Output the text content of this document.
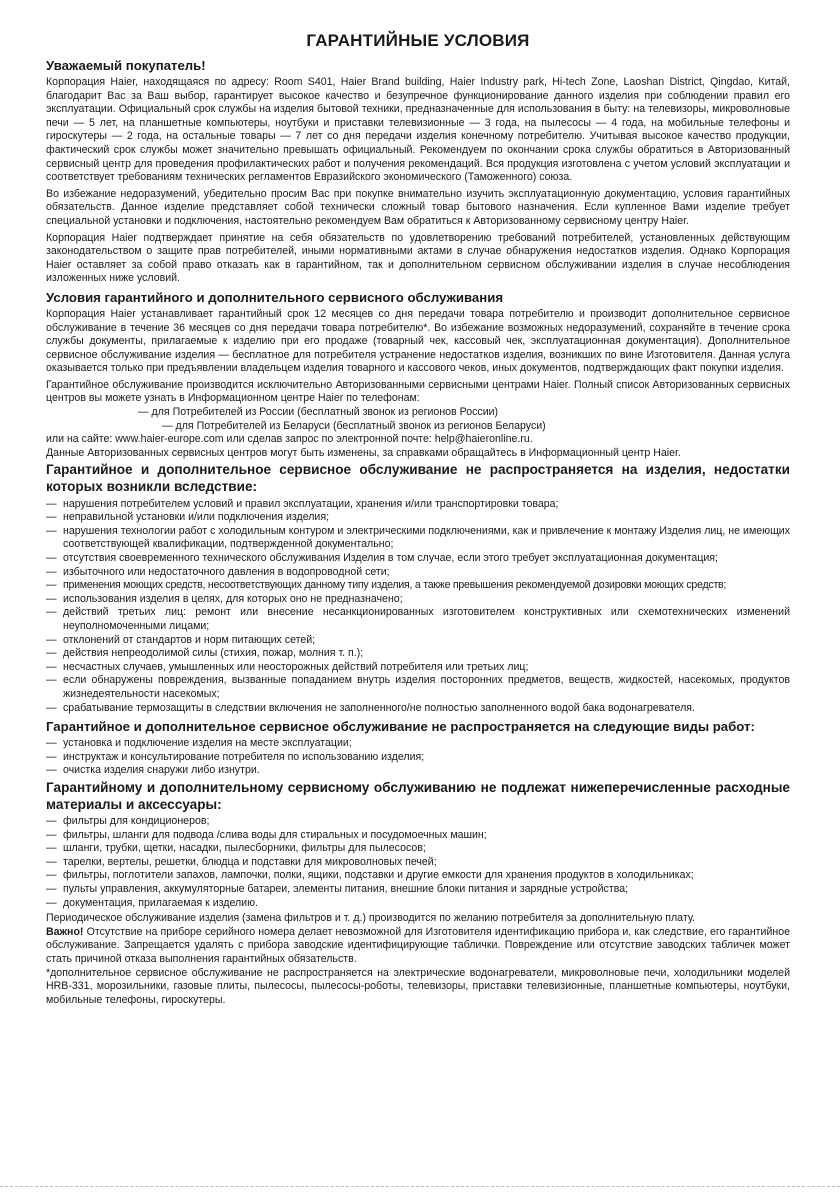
ГАРАНТИЙНЫЕ УСЛОВИЯ
Уважаемый покупатель!

Корпорация Haier, находящаяся по адресу: Room S401, Haier Brand building, Haier Industry park, Hi-tech Zone, Laoshan District, Qingdao, Китай, благодарит Вас за Ваш выбор, гарантирует высокое качество и безупречное функционирование данного изделия при соблюдении правил его эксплуатации. Официальный срок службы на изделия бытовой техники, предназначенные для использования в быту: на телевизоры, микроволновые печи — 5 лет, на планшетные компьютеры, ноутбуки и приставки телевизионные — 3 года, на пылесосы — 4 года, на мобильные телефоны и гироскутеры — 2 года, на остальные товары — 7 лет со дня передачи изделия конечному потребителю. Учитывая высокое качество продукции, фактический срок службы может значительно превышать официальный. Рекомендуем по окончании срока службы обратиться в Авторизованный сервисный центр для проведения профилактических работ и получения рекомендаций. Вся продукция изготовлена с учетом условий эксплуатации и соответствует требованиям технических регламентов Евразийского экономического (Таможенного) союза.

Во избежание недоразумений, убедительно просим Вас при покупке внимательно изучить эксплуатационную документацию, условия гарантийных обязательств. Данное изделие представляет собой технически сложный товар бытового назначения. Если купленное Вами изделие требует специальной установки и подключения, настоятельно рекомендуем Вам обратиться к Авторизованному сервисному центру Haier.

Корпорация Haier подтверждает принятие на себя обязательств по удовлетворению требований потребителей, установленных действующим законодательством о защите прав потребителей, иными нормативными актами в случае обнаружения недостатков изделия. Однако Корпорация Haier оставляет за собой право отказать как в гарантийном, так и дополнительном сервисном обслуживании изделия в случае несоблюдения изложенных ниже условий.

Условия гарантийного и дополнительного сервисного обслуживания

Корпорация Haier устанавливает гарантийный срок 12 месяцев со дня передачи товара потребителю и производит дополнительное сервисное обслуживание в течение 36 месяцев со дня передачи товара потребителю*. Во избежание возможных недоразумений, сохраняйте в течение срока службы документы, прилагаемые к изделию при его продаже (товарный чек, кассовый чек, эксплуатационная документация). Дополнительное сервисное обслуживание изделия — бесплатное для потребителя устранение недостатков изделия, возникших по вине Изготовителя. Данная услуга оказывается только при предъявлении владельцем изделия товарного и кассового чеков, иных документов, подтверждающих факт покупки изделия.

Гарантийное обслуживание производится исключительно Авторизованными сервисными центрами Haier. Полный список Авторизованных сервисных центров вы можете узнать в Информационном центре Haier по телефонам:

— для Потребителей из России (бесплатный звонок из регионов России)
— для Потребителей из Беларуси (бесплатный звонок из регионов Беларуси)

или на сайте: www.haier-europe.com или сделав запрос по электронной почте: help@haieronline.ru.

Данные Авторизованных сервисных центров могут быть изменены, за справками обращайтесь в Информационный центр Haier.

Гарантийное и дополнительное сервисное обслуживание не распространяется на изделия, недостатки которых возникли вследствие:
— нарушения потребителем условий и правил эксплуатации, хранения и/или транспортировки товара;
— неправильной установки и/или подключения изделия;
— нарушения технологии работ с холодильным контуром и электрическими подключениями, как и привлечение к монтажу Изделия лиц, не имеющих соответствующей квалификации, подтвержденной документально;
— отсутствия своевременного технического обслуживания Изделия в том случае, если этого требует эксплуатационная документация;
— избыточного или недостаточного давления в водопроводной сети;
— применения моющих средств, несоответствующих данному типу изделия, а также превышения рекомендуемой дозировки моющих средств;
— использования изделия в целях, для которых оно не предназначено;
— действий третьих лиц: ремонт или внесение несанкционированных изготовителем конструктивных или схемотехнических изменений неуполномоченными лицами;
— отклонений от стандартов и норм питающих сетей;
— действия непреодолимой силы (стихия, пожар, молния т. п.);
— несчастных случаев, умышленных или неосторожных действий потребителя или третьих лиц;
— если обнаружены повреждения, вызванные попаданием внутрь изделия посторонних предметов, веществ, жидкостей, насекомых, продуктов жизнедеятельности насекомых;
— срабатывание термозащиты в следствии включения не заполненного/не полностью заполненного водой бака водонагревателя.
Гарантийное и дополнительное сервисное обслуживание не распространяется на следующие виды работ:
— установка и подключение изделия на месте эксплуатации;
— инструктаж и консультирование потребителя по использованию изделия;
— очистка изделия снаружи либо изнутри.
Гарантийному и дополнительному сервисному обслуживанию не подлежат нижеперечисленные расходные материалы и аксессуары:
— фильтры для кондиционеров;
— фильтры, шланги для подвода /слива воды для стиральных и посудомоечных машин;
— шланги, трубки, щетки, насадки, пылесборники, фильтры для пылесосов;
— тарелки, вертелы, решетки, блюдца и подставки для микроволновых печей;
— фильтры, поглотители запахов, лампочки, полки, ящики, подставки и другие емкости для хранения продуктов в холодильниках;
— пульты управления, аккумуляторные батареи, элементы питания, внешние блоки питания и зарядные устройства;
— документация, прилагаемая к изделию.

Периодическое обслуживание изделия (замена фильтров и т. д.) производится по желанию потребителя за дополнительную плату.

Важно! Отсутствие на приборе серийного номера делает невозможной для Изготовителя идентификацию прибора и, как следствие, его гарантийное обслуживание. Запрещается удалять с прибора заводские идентифицирующие таблички. Повреждение или отсутствие заводских табличек может стать причиной отказа выполнения гарантийных обязательств.

*дополнительное сервисное обслуживание не распространяется на электрические водонагреватели, микроволновые печи, холодильники моделей HRB-331, морозильники, газовые плиты, пылесосы, пылесосы-роботы, телевизоры, приставки телевизионные, планшетные компьютеры, ноутбуки, мобильные телефоны, гироскутеры.
